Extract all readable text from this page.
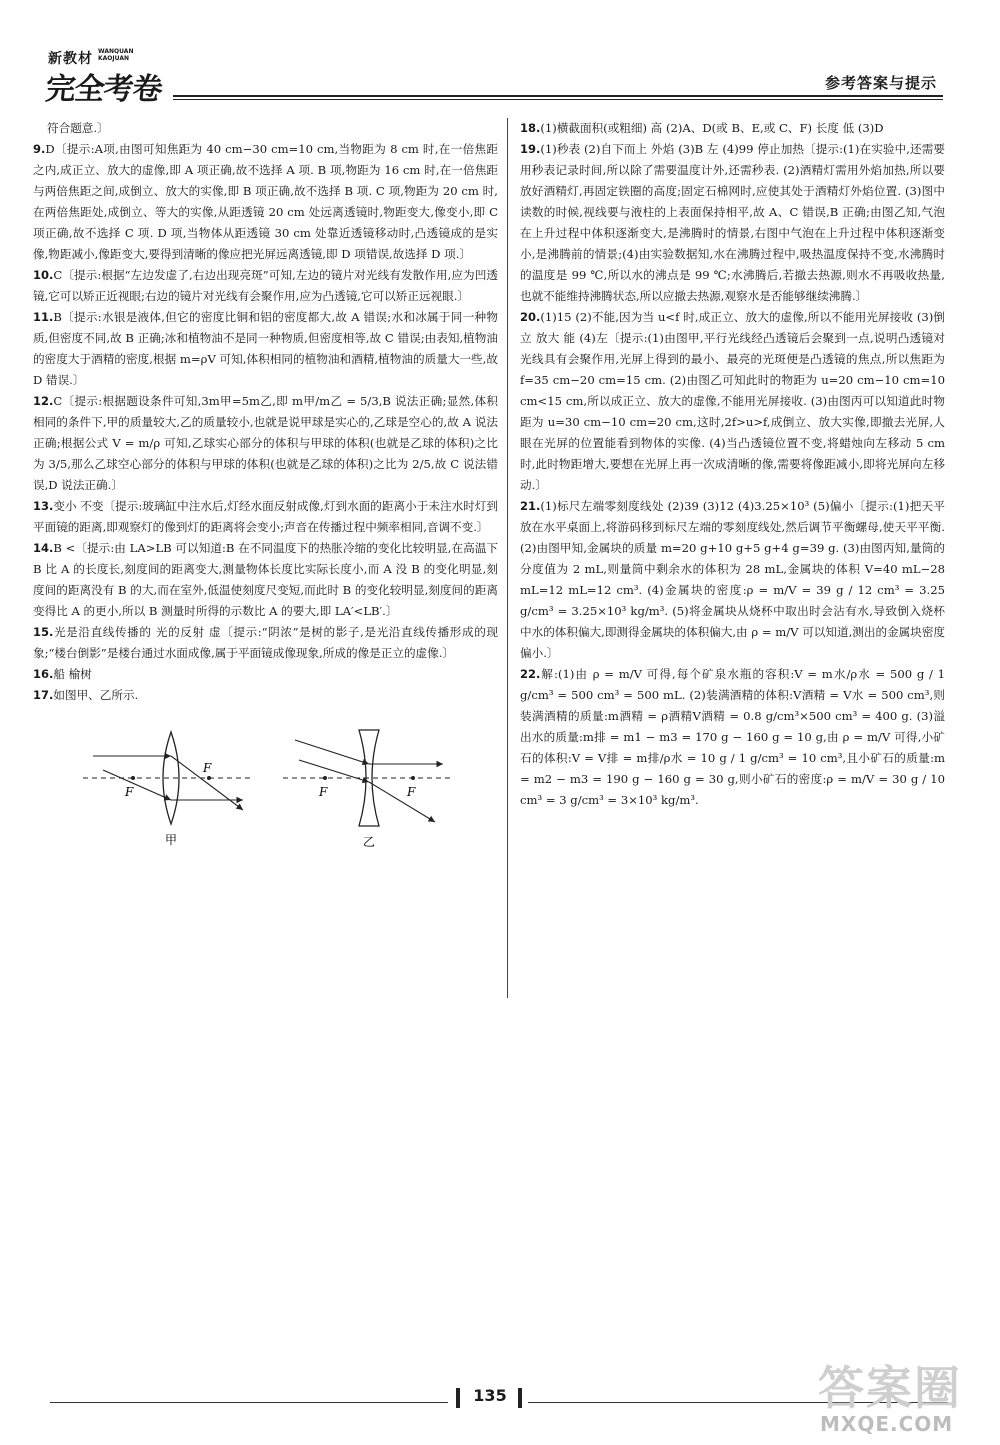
新教材 WANQUAN
KAOJUAN
完全考卷	参考答案与提示

符合题意.〕

9.D〔提示:A项,由图可知焦距为 40 cm−30 cm=10 cm,当物距为 8 cm 时,在一倍焦距之内,成正立、放大的虚像,即 A 项正确,故不选择 A 项. B 项,物距为 16 cm 时,在一倍焦距与两倍焦距之间,成倒立、放大的实像,即 B 项正确,故不选择 B 项. C 项,物距为 20 cm 时,在两倍焦距处,成倒立、等大的实像,从距透镜 20 cm 处远离透镜时,物距变大,像变小,即 C 项正确,故不选择 C 项. D 项,当物体从距透镜 30 cm 处靠近透镜移动时,凸透镜成的是实像,物距减小,像距变大,要得到清晰的像应把光屏远离透镜,即 D 项错误,故选择 D 项.〕

10.C〔提示:根据“左边发虚了,右边出现亮斑”可知,左边的镜片对光线有发散作用,应为凹透镜,它可以矫正近视眼;右边的镜片对光线有会聚作用,应为凸透镜,它可以矫正远视眼.〕

11.B〔提示:水银是液体,但它的密度比铜和铝的密度都大,故 A 错误;水和冰属于同一种物质,但密度不同,故 B 正确;冰和植物油不是同一种物质,但密度相等,故 C 错误;由表知,植物油的密度大于酒精的密度,根据 m=ρV 可知,体积相同的植物油和酒精,植物油的质量大一些,故 D 错误.〕

12.C〔提示:根据题设条件可知,3m甲=5m乙,即 m甲/m乙 = 5/3,B 说法正确;显然,体积相同的条件下,甲的质量较大,乙的质量较小,也就是说甲球是实心的,乙球是空心的,故 A 说法正确;根据公式 V = m/ρ 可知,乙球实心部分的体积与甲球的体积(也就是乙球的体积)之比为 3/5,那么乙球空心部分的体积与甲球的体积(也就是乙球的体积)之比为 2/5,故 C 说法错误,D 说法正确.〕

13.变小 不变〔提示:玻璃缸中注水后,灯经水面反射成像,灯到水面的距离小于未注水时灯到平面镜的距离,即观察灯的像到灯的距离将会变小;声音在传播过程中频率相同,音调不变.〕

14.B <〔提示:由 LA>LB 可以知道:B 在不同温度下的热胀冷缩的变化比较明显,在高温下 B 比 A 的长度长,刻度间的距离变大,测量物体长度比实际长度小,而 A 没 B 的变化明显,刻度间的距离没有 B 的大,而在室外,低温使刻度尺变短,而此时 B 的变化较明显,刻度间的距离变得比 A 的更小,所以 B 测量时所得的示数比 A 的要大,即 LA′<LB′.〕

15.光是沿直线传播的 光的反射 虚〔提示:“阴浓”是树的影子,是光沿直线传播形成的现象;“楼台倒影”是楼台通过水面成像,属于平面镜成像现象,所成的像是正立的虚像.〕

16.船 榆树

17.如图甲、乙所示.

F
F
甲
F	F
乙

18.(1)横截面积(或粗细) 高 (2)A、D(或 B、E,或 C、F) 长度 低 (3)D

19.(1)秒表 (2)自下而上 外焰 (3)B 左 (4)99 停止加热〔提示:(1)在实验中,还需要用秒表记录时间,所以除了需要温度计外,还需秒表. (2)酒精灯需用外焰加热,所以要放好酒精灯,再固定铁圈的高度;固定石棉网时,应使其处于酒精灯外焰位置. (3)图中读数的时候,视线要与液柱的上表面保持相平,故 A、C 错误,B 正确;由图乙知,气泡在上升过程中体积逐渐变大,是沸腾时的情景,右图中气泡在上升过程中体积逐渐变小,是沸腾前的情景;(4)由实验数据知,水在沸腾过程中,吸热温度保持不变,水沸腾时的温度是 99 ℃,所以水的沸点是 99 ℃;水沸腾后,若撤去热源,则水不再吸收热量,也就不能维持沸腾状态,所以应撤去热源,观察水是否能够继续沸腾.〕

20.(1)15 (2)不能,因为当 u<f 时,成正立、放大的虚像,所以不能用光屏接收 (3)倒立 放大 能 (4)左〔提示:(1)由图甲,平行光线经凸透镜后会聚到一点,说明凸透镜对光线具有会聚作用,光屏上得到的最小、最亮的光斑便是凸透镜的焦点,所以焦距为 f=35 cm−20 cm=15 cm. (2)由图乙可知此时的物距为 u=20 cm−10 cm=10 cm<15 cm,所以成正立、放大的虚像,不能用光屏接收. (3)由图丙可以知道此时物距为 u=30 cm−10 cm=20 cm,这时,2f>u>f,成倒立、放大实像,即撤去光屏,人眼在光屏的位置能看到物体的实像. (4)当凸透镜位置不变,将蜡烛向左移动 5 cm 时,此时物距增大,要想在光屏上再一次成清晰的像,需要将像距减小,即将光屏向左移动.〕

21.(1)标尺左端零刻度线处 (2)39 (3)12 (4)3.25×10³ (5)偏小〔提示:(1)把天平放在水平桌面上,将游码移到标尺左端的零刻度线处,然后调节平衡螺母,使天平平衡. (2)由图甲知,金属块的质量 m=20 g+10 g+5 g+4 g=39 g. (3)由图丙知,量筒的分度值为 2 mL,则量筒中剩余水的体积为 28 mL,金属块的体积 V=40 mL−28 mL=12 mL=12 cm³. (4)金属块的密度:ρ = m/V = 39 g / 12 cm³ = 3.25 g/cm³ = 3.25×10³ kg/m³. (5)将金属块从烧杯中取出时会沾有水,导致倒入烧杯中水的体积偏大,即测得金属块的体积偏大,由 ρ = m/V 可以知道,测出的金属块密度偏小.〕

22.解:(1)由 ρ = m/V 可得,每个矿泉水瓶的容积:V = m水/ρ水 = 500 g / 1 g/cm³ = 500 cm³ = 500 mL. (2)装满酒精的体积:V酒精 = V水 = 500 cm³,则装满酒精的质量:m酒精 = ρ酒精V酒精 = 0.8 g/cm³×500 cm³ = 400 g. (3)溢出水的质量:m排 = m1 − m3 = 170 g − 160 g = 10 g,由 ρ = m/V 可得,小矿石的体积:V = V排 = m排/ρ水 = 10 g / 1 g/cm³ = 10 cm³,且小矿石的质量:m = m2 − m3 = 190 g − 160 g = 30 g,则小矿石的密度:ρ = m/V = 30 g / 10 cm³ = 3 g/cm³ = 3×10³ kg/m³.

135	答案圈
MXQE.COM
